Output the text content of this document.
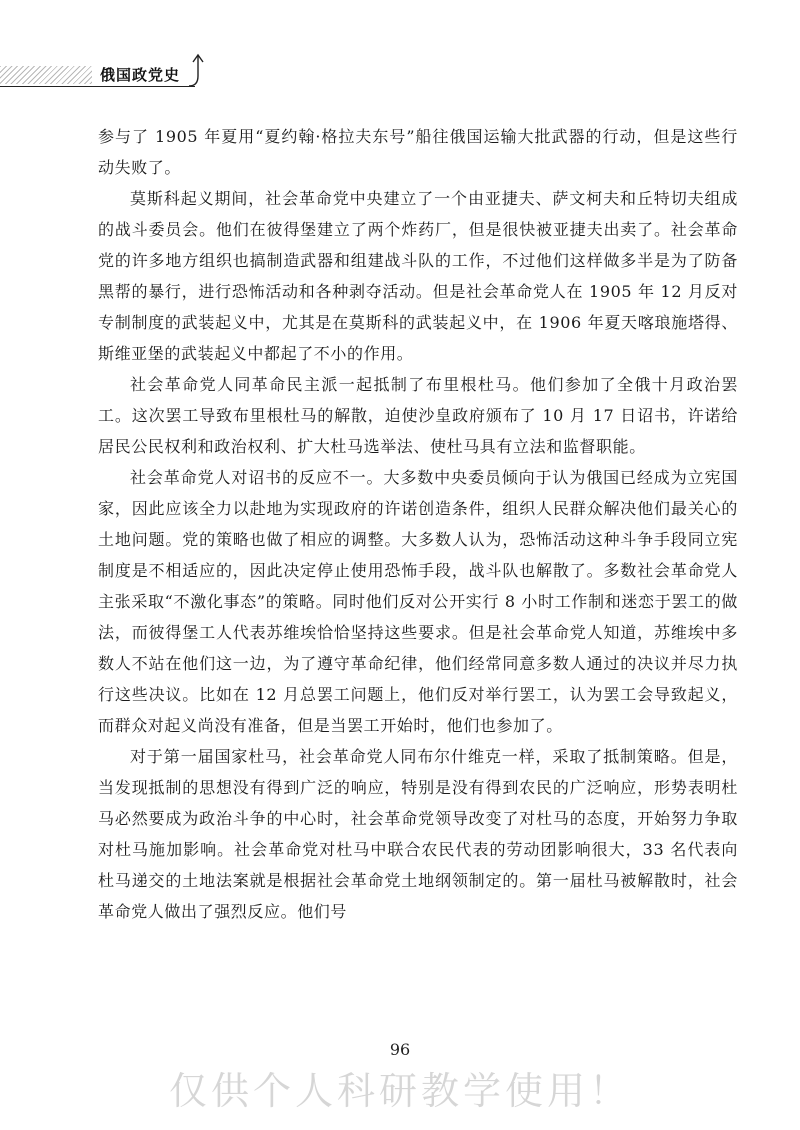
俄国政党史

参与了 1905 年夏用“夏约翰·格拉夫东号”船往俄国运输大批武器的行动，但是这些行动失败了。

莫斯科起义期间，社会革命党中央建立了一个由亚捷夫、萨文柯夫和丘特切夫组成的战斗委员会。他们在彼得堡建立了两个炸药厂，但是很快被亚捷夫出卖了。社会革命党的许多地方组织也搞制造武器和组建战斗队的工作，不过他们这样做多半是为了防备黑帮的暴行，进行恐怖活动和各种剥夺活动。但是社会革命党人在 1905 年 12 月反对专制制度的武装起义中，尤其是在莫斯科的武装起义中，在 1906 年夏天喀琅施塔得、斯维亚堡的武装起义中都起了不小的作用。

社会革命党人同革命民主派一起抵制了布里根杜马。他们参加了全俄十月政治罢工。这次罢工导致布里根杜马的解散，迫使沙皇政府颁布了 10 月 17 日诏书，许诺给居民公民权利和政治权利、扩大杜马选举法、使杜马具有立法和监督职能。

社会革命党人对诏书的反应不一。大多数中央委员倾向于认为俄国已经成为立宪国家，因此应该全力以赴地为实现政府的许诺创造条件，组织人民群众解决他们最关心的土地问题。党的策略也做了相应的调整。大多数人认为，恐怖活动这种斗争手段同立宪制度是不相适应的，因此决定停止使用恐怖手段，战斗队也解散了。多数社会革命党人主张采取“不激化事态”的策略。同时他们反对公开实行 8 小时工作制和迷恋于罢工的做法，而彼得堡工人代表苏维埃恰恰坚持这些要求。但是社会革命党人知道，苏维埃中多数人不站在他们这一边，为了遵守革命纪律，他们经常同意多数人通过的决议并尽力执行这些决议。比如在 12 月总罢工问题上，他们反对举行罢工，认为罢工会导致起义，而群众对起义尚没有准备，但是当罢工开始时，他们也参加了。

对于第一届国家杜马，社会革命党人同布尔什维克一样，采取了抵制策略。但是，当发现抵制的思想没有得到广泛的响应，特别是没有得到农民的广泛响应，形势表明杜马必然要成为政治斗争的中心时，社会革命党领导改变了对杜马的态度，开始努力争取对杜马施加影响。社会革命党对杜马中联合农民代表的劳动团影响很大，33 名代表向杜马递交的土地法案就是根据社会革命党土地纲领制定的。第一届杜马被解散时，社会革命党人做出了强烈反应。他们号

96
仅供个人科研教学使用！
